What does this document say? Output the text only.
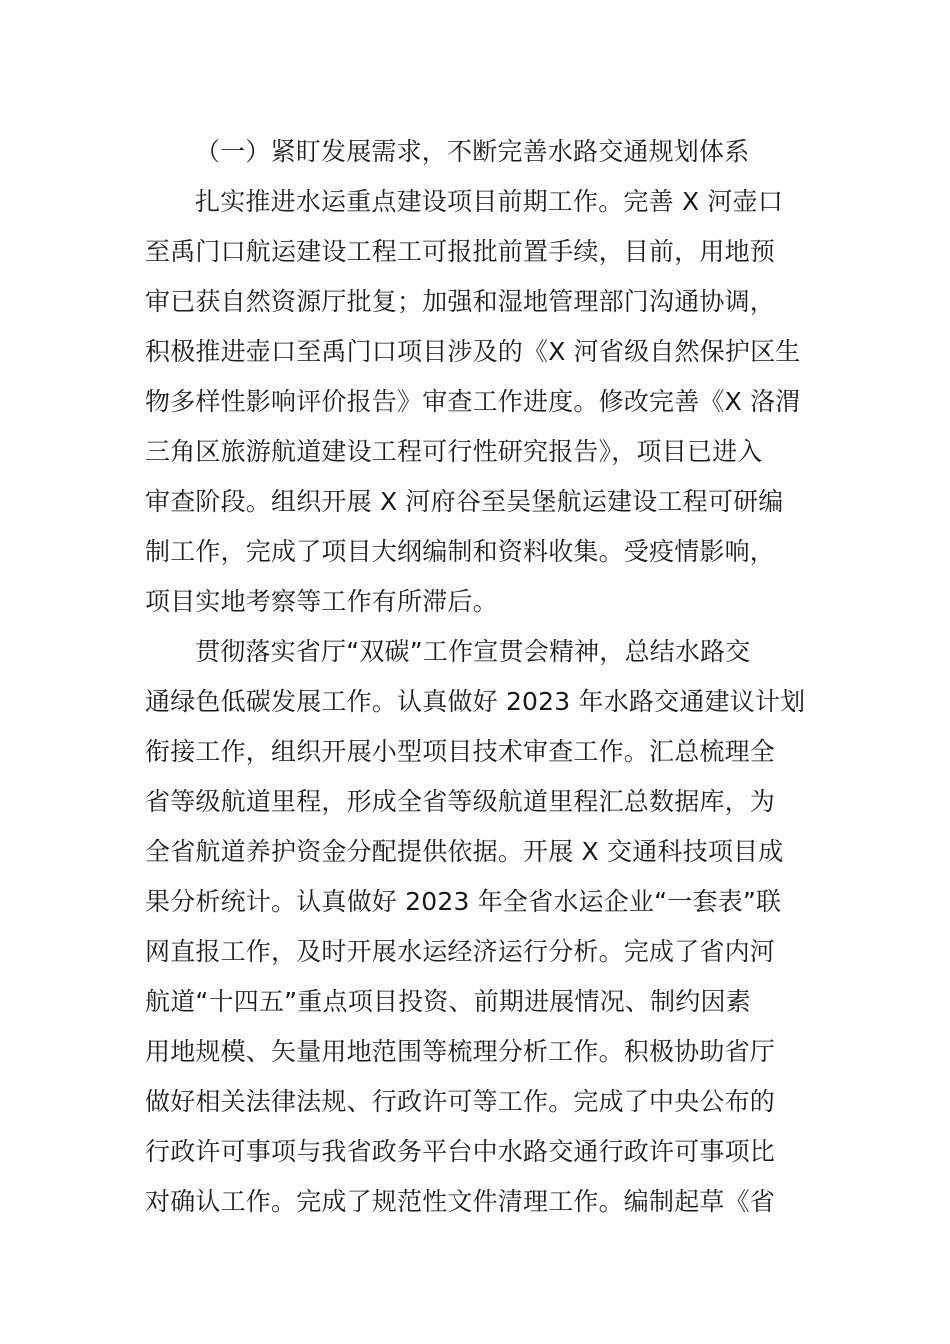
（一）紧盯发展需求，不断完善水路交通规划体系
扎实推进水运重点建设项目前期工作。完善 X 河壶口
至禹门口航运建设工程工可报批前置手续，目前，用地预
审已获自然资源厅批复；加强和湿地管理部门沟通协调，
积极推进壶口至禹门口项目涉及的《X 河省级自然保护区生
物多样性影响评价报告》审查工作进度。修改完善《X 洛渭
三角区旅游航道建设工程可行性研究报告》，项目已进入
审查阶段。组织开展 X 河府谷至吴堡航运建设工程可研编
制工作，完成了项目大纲编制和资料收集。受疫情影响，
项目实地考察等工作有所滞后。
贯彻落实省厅“双碳”工作宣贯会精神，总结水路交
通绿色低碳发展工作。认真做好 2023 年水路交通建议计划
衔接工作，组织开展小型项目技术审查工作。汇总梳理全
省等级航道里程，形成全省等级航道里程汇总数据库，为
全省航道养护资金分配提供依据。开展 X 交通科技项目成
果分析统计。认真做好 2023 年全省水运企业“一套表”联
网直报工作，及时开展水运经济运行分析。完成了省内河
航道“十四五”重点项目投资、前期进展情况、制约因素
用地规模、矢量用地范围等梳理分析工作。积极协助省厅
做好相关法律法规、行政许可等工作。完成了中央公布的
行政许可事项与我省政务平台中水路交通行政许可事项比
对确认工作。完成了规范性文件清理工作。编制起草《省
